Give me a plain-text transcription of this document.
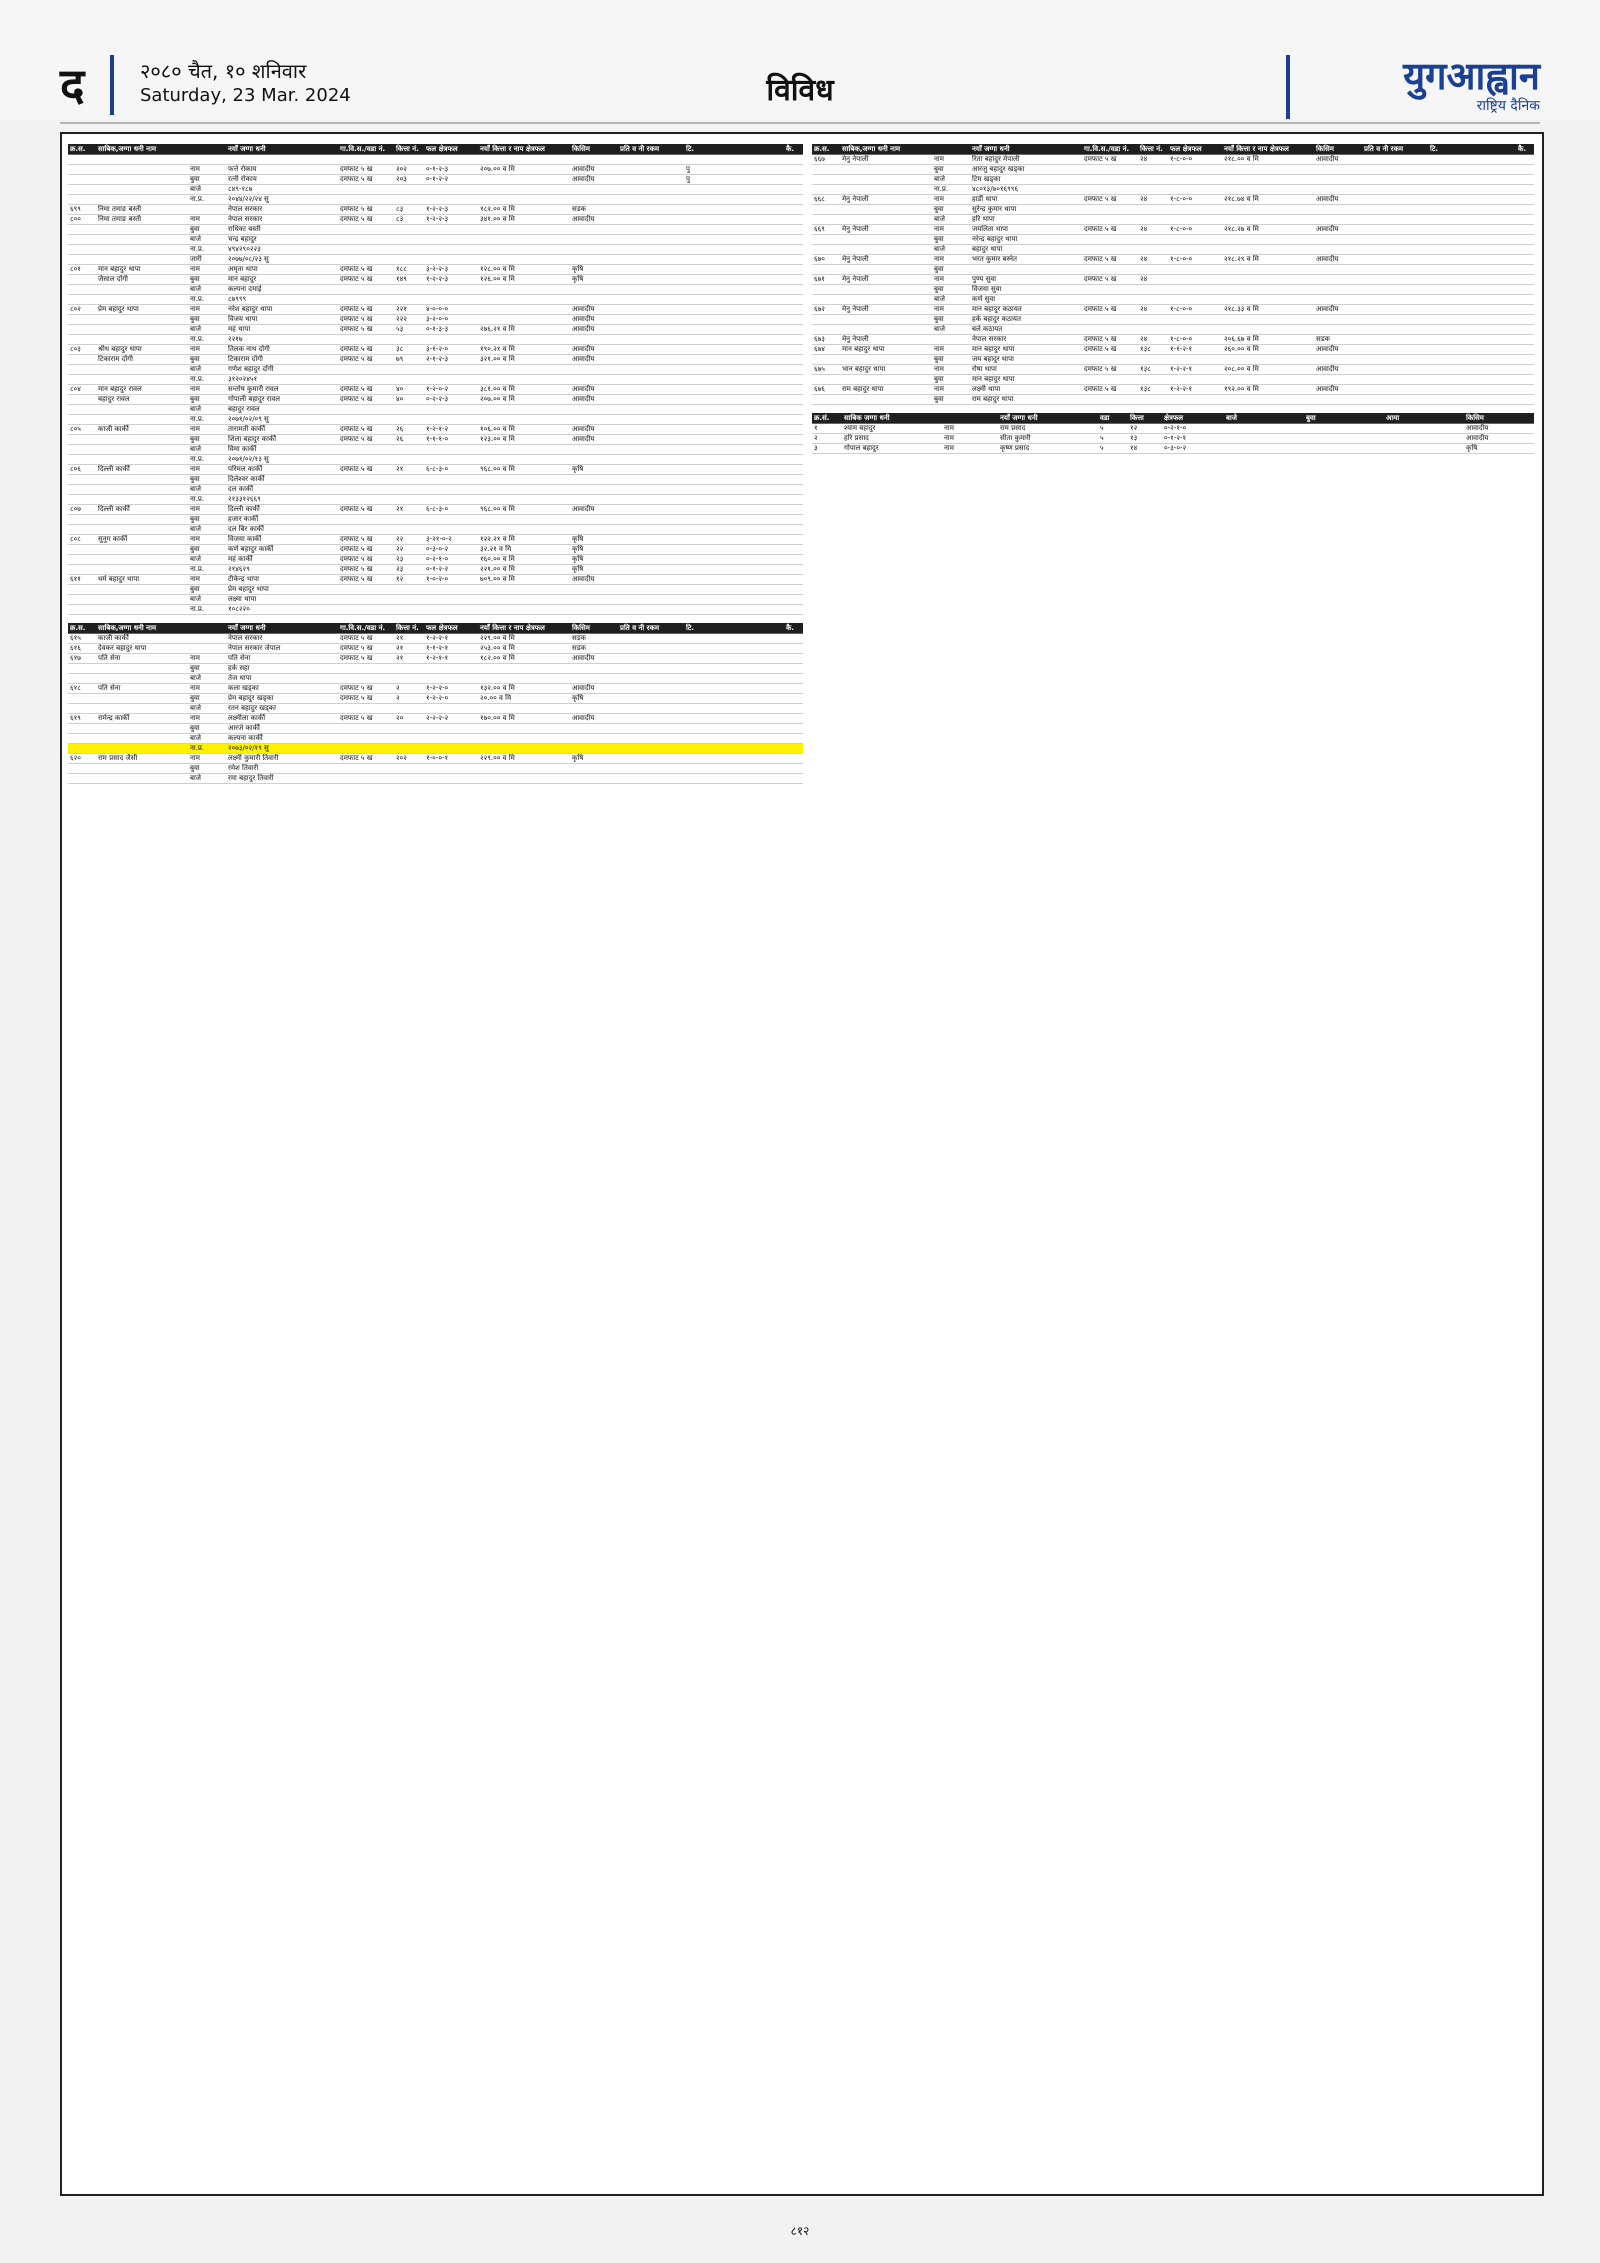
द	२०८० चैत, १० शनिवार
Saturday, 23 Mar. 2024	विविध	युगआह्वान
राष्ट्रिय दैनिक
क्र.स.	साबिक,जग्गा धनी नाम		नयाँ जग्गा धनी	गा.वि.स./वडा नं.	कित्ता नं.	फल क्षेत्रफल	नयाँ कित्ता र नाप क्षेत्रफल	किसिम	प्रति व नी रकम	टि.	कै.

		नाम	फत्ते रोकाय	दमफाट ५ ख	२०२	०-१-२-३	२०७.०० व मि	आवादीय		पु	
		बुवा	रत्नी रोकाय	दमफाट ५ ख	२०३	०-१-२-२		आवादीय		पु	
		बाजे	८४९-१८७								
		ना.प्र.	२०४४/२२/२४ सु								
६९९	निमा तमाङ बस्ती		नेपाल सरकार	दमफाट ५ ख	८३	१-२-२-३	१८२.०० व मि	सडक			
८००	निमा तमाङ बस्ती	नाम	नेपाल सरकार	दमफाट ५ ख	८३	१-२-२-३	३४१.०० व मि	आवादीय			
		बुवा	राधिका बस्ती								
		बाजे	चन्द्र बहादुर								
		ना.प्र.	४९४२९०२२३								
		जारी	२०७७/०८/२३ सु								
८०१	मान बहादुर थापा	नाम	अमृता थापा	दमफाट ५ ख	१८८	३-२-२-३	१२८.०० व मि	कृषि			
	जैसाल दोंगी	बुवा	मान बहादुर	दमफाट ५ ख	१४९	१-२-२-३	१२६.०० व मि	कृषि			
		बाजे	कल्पना दमाई								
		ना.प्र.	८७९९९								
८०२	प्रेम बहादुर थापा	नाम	नरेश बहादुर थापा	दमफाट ५ ख	२२१	४-०-०-०		आवादीय			
		बुवा	विजय थापा	दमफाट ५ ख	२२२	३-२-०-०		आवादीय			
		बाजे	महं थापा	दमफाट ५ ख	५३	०-१-३-३	२७६.२१ व मि	आवादीय			
		ना.प्र.	२२१७								
८०३	श्रीध बहादुर थापा	नाम	तिलक नाथ दोंगी	दमफाट ५ ख	३८	३-१-२-०	१९०.२१ व मि	आवादीय			
	टिकाराम दोंगी	बुवा	टिकाराम दोंगी	दमफाट ५ ख	७९	२-१-२-३	३२१.०० व मि	आवादीय			
		बाजे	गणेश बहादुर दोंगी								
		ना.प्र.	३१२०२४५१								
८०४	मान बहादुर रावल	नाम	सन्तोष कुमारी रावल	दमफाट ५ ख	४०	१-२-०-२	३८१.०० व मि	आवादीय			
	बहादुर रावल	बुवा	गोपाली बहादुर रावल	दमफाट ५ ख	४०	०-२-२-३	२०७.०० व मि	आवादीय			
		बाजे	बहादुर रावल								
		ना.प्र.	२०७१/०२/०९ सु								
८०५	काजी कार्की	नाम	तारामती कार्की	दमफाट ५ ख	२६	१-२-१-२	१०६.०० व मि	आवादीय			
		बुवा	शिला बहादुर कार्की	दमफाट ५ ख	२६	१-१-१-०	१२३.०० व मि	आवादीय			
		बाजे	विमा कार्की								
		ना.प्र.	२०७१/०२/१३ सु								
८०६	दिल्ली कार्की	नाम	परिमल कार्की	दमफाट ५ ख	२१	६-८-३-०	९६८.०० व मि	कृषि			
		बुवा	दिलेश्वर कार्की								
		बाजे	दल कार्की								
		ना.प्र.	२१३३१२६६९								
८०७	दिल्ली कार्की	नाम	दिल्ली कार्की	दमफाट ५ ख	२१	६-८-३-०	९६८.०० व मि	आवादीय			
		बुवा	हजार कार्की								
		बाजे	दल बिर कार्की								
८०८	सुनुग कार्की	नाम	विजया कार्की	दमफाट ५ ख	२२	३-२१-०-२	१२२.२१ व मि	कृषि			
		बुवा	कर्ण बहादुर कार्की	दमफाट ५ ख	२२	०-३-०-२	३२.२१ व मि	कृषि			
		बाजे	महं कार्की	दमफाट ५ ख	२३	०-२-१-०	१६०.०० व मि	कृषि			
		ना.प्र.	२१४६२९	दमफाट ५ ख	२३	०-१-२-२	२२१.०० व मि	कृषि			
६११	धर्म बहादुर थापा	नाम	टीकेन्द्र थापा	दमफाट ५ ख	१२	१-०-२-०	७०९.०० व मि	आवादीय			
		बुवा	प्रेम बहादुर थापा								
		बाजे	लक्ष्मा थापा								
		ना.प्र.	१०८२२०								
क्र.स.	साबिक,जग्गा धनी नाम		नयाँ जग्गा धनी	गा.वि.स./वडा नं.	कित्ता नं.	फल क्षेत्रफल	नयाँ कित्ता र नाप क्षेत्रफल	किसिम	प्रति व नी रकम	टि.	कै.
६१५	काजी कार्की		नेपाल सरकार	दमफाट ५ ख	२१	१-२-२-१	२२९.०० व मि	सडक			
६१६	देवकर बहादुर थापा		नेपाल सरकार जेपाल	दमफाट ५ ख	२१	१-१-२-१	२५३.०० व मि	सडक			
६१७	पति सेना	नाम	पति सेना	दमफाट ५ ख	२१	१-२-१-१	१८२.०० व मि	आवादीय			
		बुवा	हर्क सहा								
		बाजे	तेज थापा								
६१८	पति सेना	नाम	कला खड्का	दमफाट ५ ख	२	१-२-२-०	१३२.०० व मि	आवादीय			
		बुवा	प्रेम बहादुर खड्का	दमफाट ५ ख	२	१-२-२-०	२०.०० व मि	कृषि			
		बाजे	रतन बहादुर खड्का								
६१९	रामेन्द्र कार्की	नाम	लक्ष्मीला कार्की	दमफाट ५ ख	२०	२-२-२-२	१७०.०० व मि	आवादीय			
		बुवा	आरजे कार्की								
		बाजे	कल्पना कार्की								
		ना.प्र.	२०७३/०२/१९ सु								
६२०	राम प्रसाद जैसी	नाम	लक्ष्मी कुमारी तिवारी	दमफाट ५ ख	२०२	१-०-०-१	२२९.०० व मि	कृषि			
		बुवा	रमेश तिवारी								
		बाजे	रमा बहादुर तिवारी								
क्र.स.	साबिक,जग्गा धनी नाम		नयाँ जग्गा धनी	गा.वि.स./वडा नं.	कित्ता नं.	फल क्षेत्रफल	नयाँ कित्ता र नाप क्षेत्रफल	किसिम	प्रति व नी रकम	टि.	कै.
६६७	मेनु नेपाली	नाम	रिता बहादुर मेपाली	दमफाट ५ ख	२४	१-८-०-०	२१८.०० व मि	आवादीय			
		बुवा	आरजु बहादुर खड्का								
		बाजे	टिम खड्का								
		ना.प्र.	४८०१३/७०१६९९६								
६६८	मेनु नेपाली	नाम	हार्डी थापा	दमफाट ५ ख	२४	१-८-०-०	२१८.७४ व मि	आवादीय			
		बुवा	सुरेन्द्र कुमार थापा								
		बाजे	हरि थापा								
६६९	मेनु नेपाली	नाम	जयलिता थापा	दमफाट ५ ख	२४	१-८-०-०	२१८.२७ व मि	आवादीय			
		बुवा	नरेन्द्र बहादुर थापा								
		बाजे	बहादुर थापा								
६७०	मेनु नेपाली	नाम	भरत कुमार बस्नेत	दमफाट ५ ख	२४	१-८-०-०	२१८.२९ व मि	आवादीय			
		बुवा									
६७१	मेनु नेपाली	नाम	पुण्य सुवा	दमफाट ५ ख	२४						
		बुवा	विजया सुवा								
		बाजे	कर्ण सुवा								
६७२	मेनु नेपाली	नाम	मान बहादुर कठायत	दमफाट ५ ख	२४	१-८-०-०	२१८.३३ व मि	आवादीय			
		बुवा	हर्क बहादुर कठायत								
		बाजे	बले कठायत								
६७३	मेनु नेपाली		नेपाल सरकार	दमफाट ५ ख	२४	१-८-०-०	२०६.६७ व मि	सडक			
६७४	मान बहादुर थापा	नाम	मान बहादुर थापा	दमफाट ५ ख	१३८	१-१-२-१	२६०.०० व मि	आवादीय			
		बुवा	जय बहादुर थापा								
६७५	भान बहादुर थापा	नाम	रोषा थापा	दमफाट ५ ख	१३८	१-२-२-१	२०८.०० व मि	आवादीय			
		बुवा	मान बहादुर थापा								
६७६	राम बहादुर थापा	नाम	लक्ष्मी थापा	दमफाट ५ ख	१३८	१-२-२-१	१९२.०० व मि	आवादीय			
		बुवा	राम बहादुर थापा								
क्र.सं.	साबिक जग्गा धनी			नयाँ जग्गा धनी	वडा	कित्ता	क्षेत्रफल	बाजे	बुवा	आमा	किसिम
१	श्याम बहादुर	नाम		राम प्रसाद	५	१२	०-२-१-०				आवादीय
२	हरि प्रसाद	नाम		सीता कुमारी	५	१३	०-१-२-१				आवादीय
३	गोपाल बहादुर	नाम		कृष्ण प्रसाद	५	१४	०-३-०-२				कृषि
८१२
